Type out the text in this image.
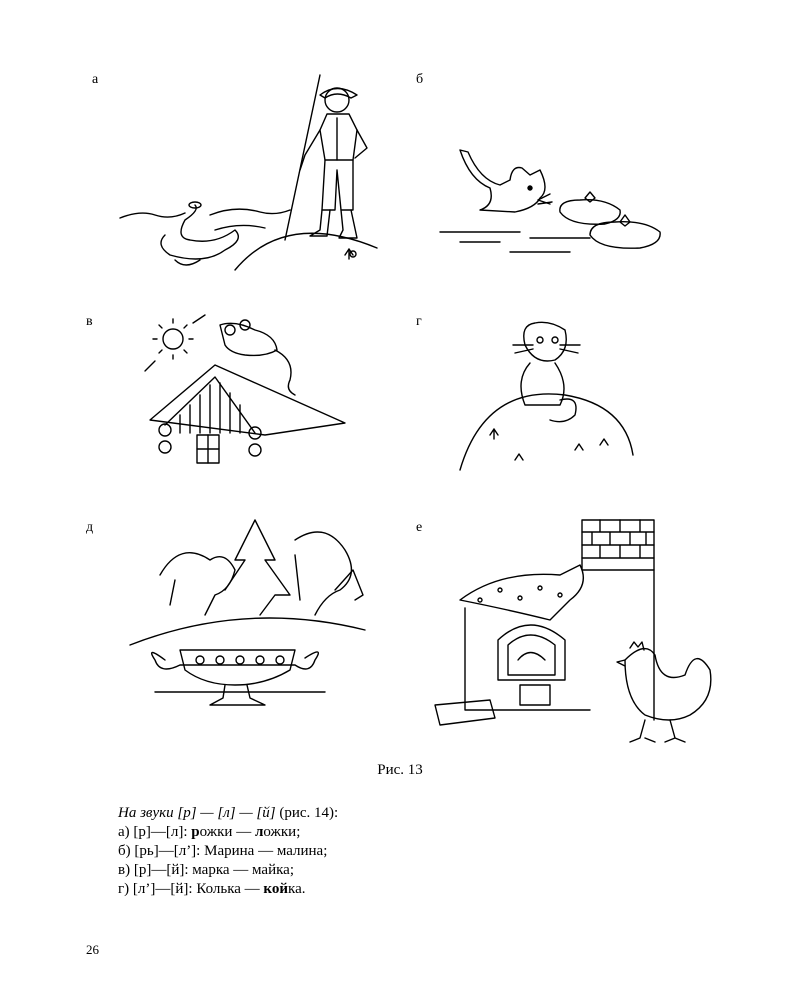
а	б
в	г
д	е
Рис. 13
На звуки [р] — [л] — [й] (рис. 14):
а) [р]—[л]: рожки — ложки;
б) [рь]—[л’]: Марина — малина;
в) [р]—[й]: марка — майка;
г) [л’]—[й]: Колька — койка.
26
